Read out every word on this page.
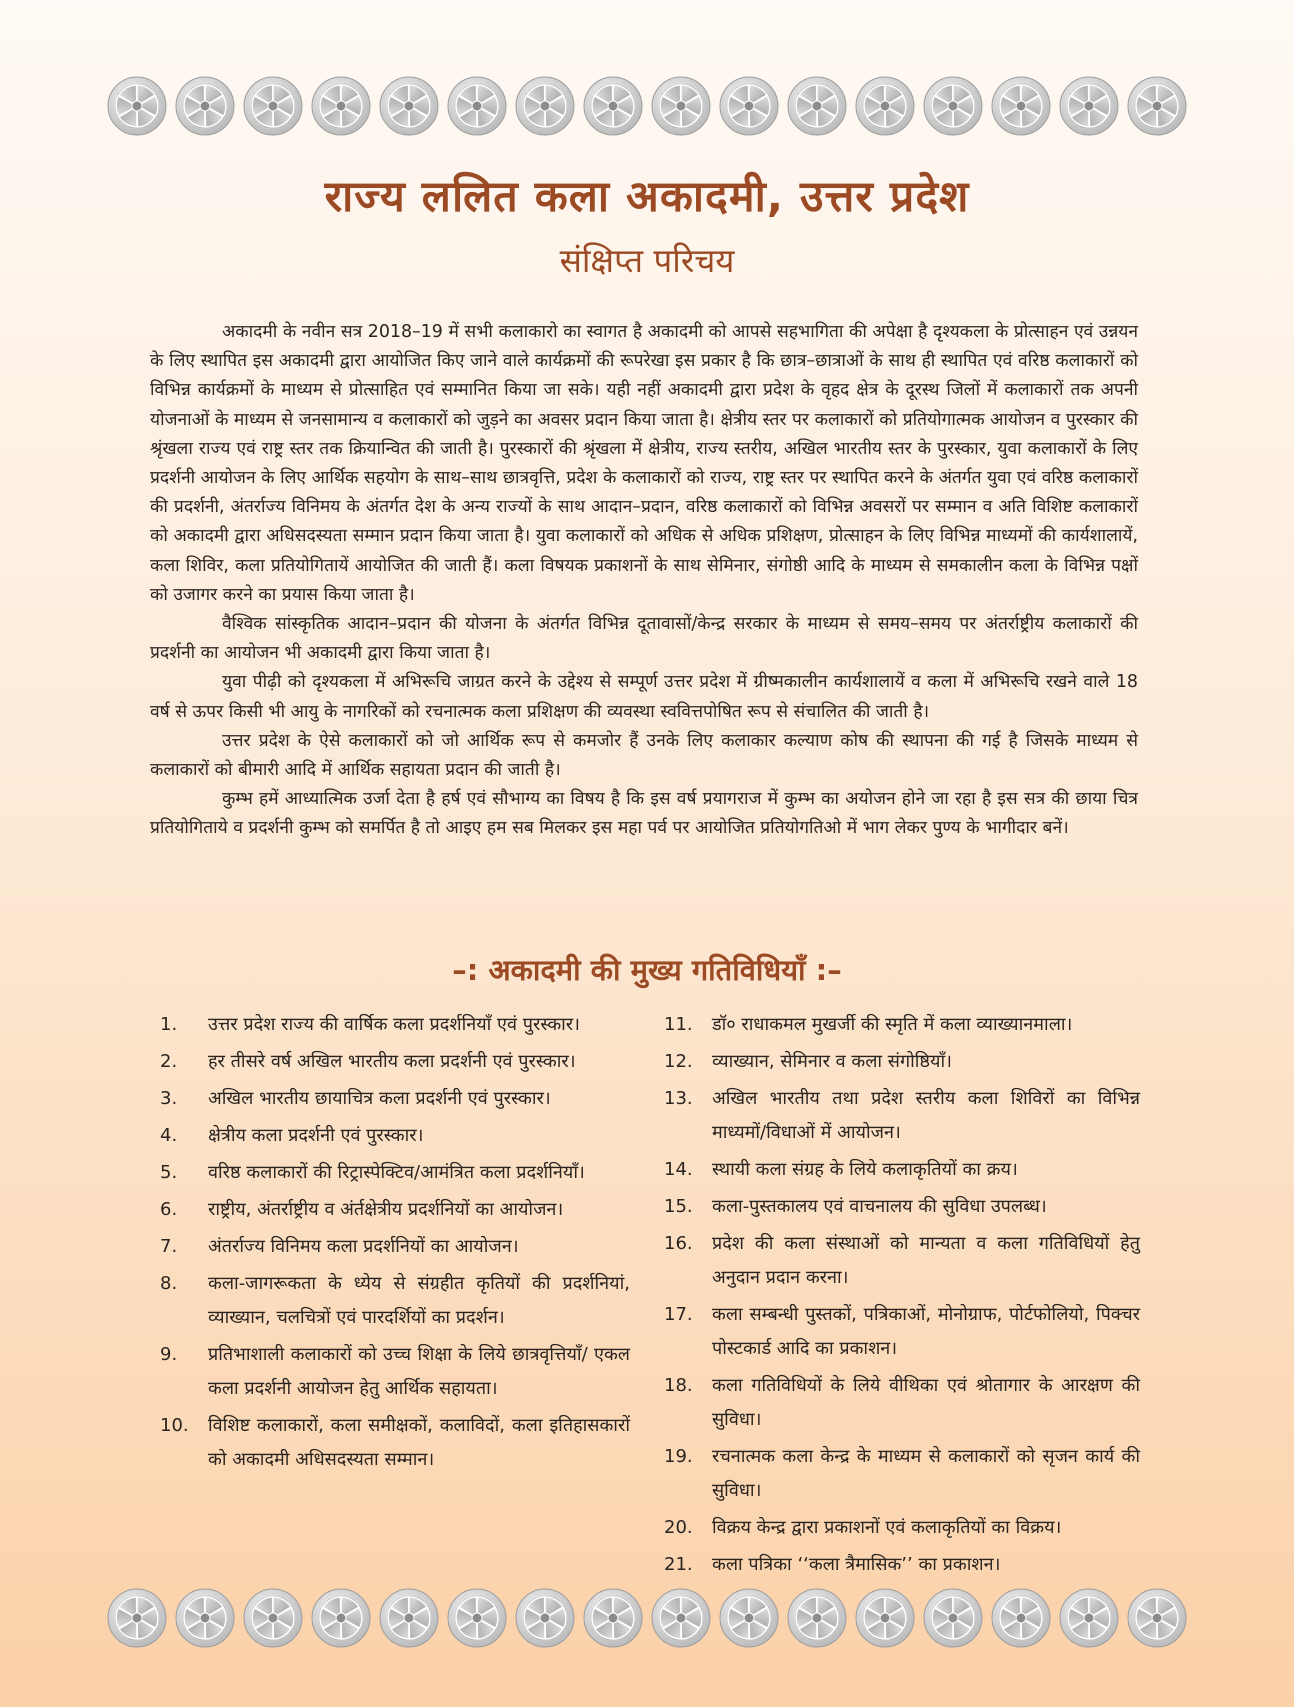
राज्य ललित कला अकादमी, उत्तर प्रदेश
संक्षिप्त परिचय

अकादमी के नवीन सत्र 2018–19 में सभी कलाकारो का स्वागत है अकादमी को आपसे सहभागिता की अपेक्षा है दृश्यकला के प्रोत्साहन एवं उन्नयन के लिए स्थापित इस अकादमी द्वारा आयोजित किए जाने वाले कार्यक्रमों की रूपरेखा इस प्रकार है कि छात्र–छात्राओं के साथ ही स्थापित एवं वरिष्ठ कलाकारों को विभिन्न कार्यक्रमों के माध्यम से प्रोत्साहित एवं सम्मानित किया जा सके। यही नहीं अकादमी द्वारा प्रदेश के वृहद क्षेत्र के दूरस्थ जिलों में कलाकारों तक अपनी योजनाओं के माध्यम से जनसामान्य व कलाकारों को जुड़ने का अवसर प्रदान किया जाता है। क्षेत्रीय स्तर पर कलाकारों को प्रतियोगात्मक आयोजन व पुरस्कार की श्रृंखला राज्य एवं राष्ट्र स्तर तक क्रियान्वित की जाती है। पुरस्कारों की श्रृंखला में क्षेत्रीय, राज्य स्तरीय, अखिल भारतीय स्तर के पुरस्कार, युवा कलाकारों के लिए प्रदर्शनी आयोजन के लिए आर्थिक सहयोग के साथ–साथ छात्रवृत्ति, प्रदेश के कलाकारों को राज्य, राष्ट्र स्तर पर स्थापित करने के अंतर्गत युवा एवं वरिष्ठ कलाकारों की प्रदर्शनी, अंतर्राज्य विनिमय के अंतर्गत देश के अन्य राज्यों के साथ आदान–प्रदान, वरिष्ठ कलाकारों को विभिन्न अवसरों पर सम्मान व अति विशिष्ट कलाकारों को अकादमी द्वारा अधिसदस्यता सम्मान प्रदान किया जाता है। युवा कलाकारों को अधिक से अधिक प्रशिक्षण, प्रोत्साहन के लिए विभिन्न माध्यमों की कार्यशालायें, कला शिविर, कला प्रतियोगितायें आयोजित की जाती हैं। कला विषयक प्रकाशनों के साथ सेमिनार, संगोष्ठी आदि के माध्यम से समकालीन कला के विभिन्न पक्षों को उजागर करने का प्रयास किया जाता है।

वैश्विक सांस्कृतिक आदान–प्रदान की योजना के अंतर्गत विभिन्न दूतावासों/केन्द्र सरकार के माध्यम से समय–समय पर अंतर्राष्ट्रीय कलाकारों की प्रदर्शनी का आयोजन भी अकादमी द्वारा किया जाता है।

युवा पीढ़ी को दृश्यकला में अभिरूचि जाग्रत करने के उद्देश्य से सम्पूर्ण उत्तर प्रदेश में ग्रीष्मकालीन कार्यशालायें व कला में अभिरूचि रखने वाले 18 वर्ष से ऊपर किसी भी आयु के नागरिकों को रचनात्मक कला प्रशिक्षण की व्यवस्था स्ववित्तपोषित रूप से संचालित की जाती है।

उत्तर प्रदेश के ऐसे कलाकारों को जो आर्थिक रूप से कमजोर हैं उनके लिए कलाकार कल्याण कोष की स्थापना की गई है जिसके माध्यम से कलाकारों को बीमारी आदि में आर्थिक सहायता प्रदान की जाती है।

कुम्भ हमें आध्यात्मिक उर्जा देता है हर्ष एवं सौभाग्य का विषय है कि इस वर्ष प्रयागराज में कुम्भ का अयोजन होने जा रहा है इस सत्र की छाया चित्र प्रतियोगिताये व प्रदर्शनी कुम्भ को समर्पित है तो आइए हम सब मिलकर इस महा पर्व पर आयोजित प्रतियोगतिओ में भाग लेकर पुण्य के भागीदार बनें।

–: अकादमी की मुख्य गतिविधियाँ :–
1.	उत्तर प्रदेश राज्य की वार्षिक कला प्रदर्शनियाँ एवं पुरस्कार।
2.	हर तीसरे वर्ष अखिल भारतीय कला प्रदर्शनी एवं पुरस्कार।
3.	अखिल भारतीय छायाचित्र कला प्रदर्शनी एवं पुरस्कार।
4.	क्षेत्रीय कला प्रदर्शनी एवं पुरस्कार।
5.	वरिष्ठ कलाकारों की रिट्रास्पेक्टिव/आमंत्रित कला प्रदर्शनियाँ।
6.	राष्ट्रीय, अंतर्राष्ट्रीय व अंर्तक्षेत्रीय प्रदर्शनियों का आयोजन।
7.	अंतर्राज्य विनिमय कला प्रदर्शनियों का आयोजन।
8.	कला-जागरूकता के ध्येय से संग्रहीत कृतियों की प्रदर्शनियां, व्याख्यान, चलचित्रों एवं पारदर्शियों का प्रदर्शन।
9.	प्रतिभाशाली कलाकारों को उच्च शिक्षा के लिये छात्रवृत्तियाँ/ एकल कला प्रदर्शनी आयोजन हेतु आर्थिक सहायता।
10.	विशिष्ट कलाकारों, कला समीक्षकों, कलाविदों, कला इतिहासकारों को अकादमी अधिसदस्यता सम्मान।
11.	डॉ० राधाकमल मुखर्जी की स्मृति में कला व्याख्यानमाला।
12.	व्याख्यान, सेमिनार व कला संगोष्ठियाँ।
13.	अखिल भारतीय तथा प्रदेश स्तरीय कला शिविरों का विभिन्न माध्यमों/विधाओं में आयोजन।
14.	स्थायी कला संग्रह के लिये कलाकृतियों का क्रय।
15.	कला-पुस्तकालय एवं वाचनालय की सुविधा उपलब्ध।
16.	प्रदेश की कला संस्थाओं को मान्यता व कला गतिविधियों हेतु अनुदान प्रदान करना।
17.	कला सम्बन्धी पुस्तकों, पत्रिकाओं, मोनोग्राफ, पोर्टफोलियो, पिक्चर पोस्टकार्ड आदि का प्रकाशन।
18.	कला गतिविधियों के लिये वीथिका एवं श्रोतागार के आरक्षण की सुविधा।
19.	रचनात्मक कला केन्द्र के माध्यम से कलाकारों को सृजन कार्य की सुविधा।
20.	विक्रय केन्द्र द्वारा प्रकाशनों एवं कलाकृतियों का विक्रय।
21.	कला पत्रिका ‘‘कला त्रैमासिक’’ का प्रकाशन।
